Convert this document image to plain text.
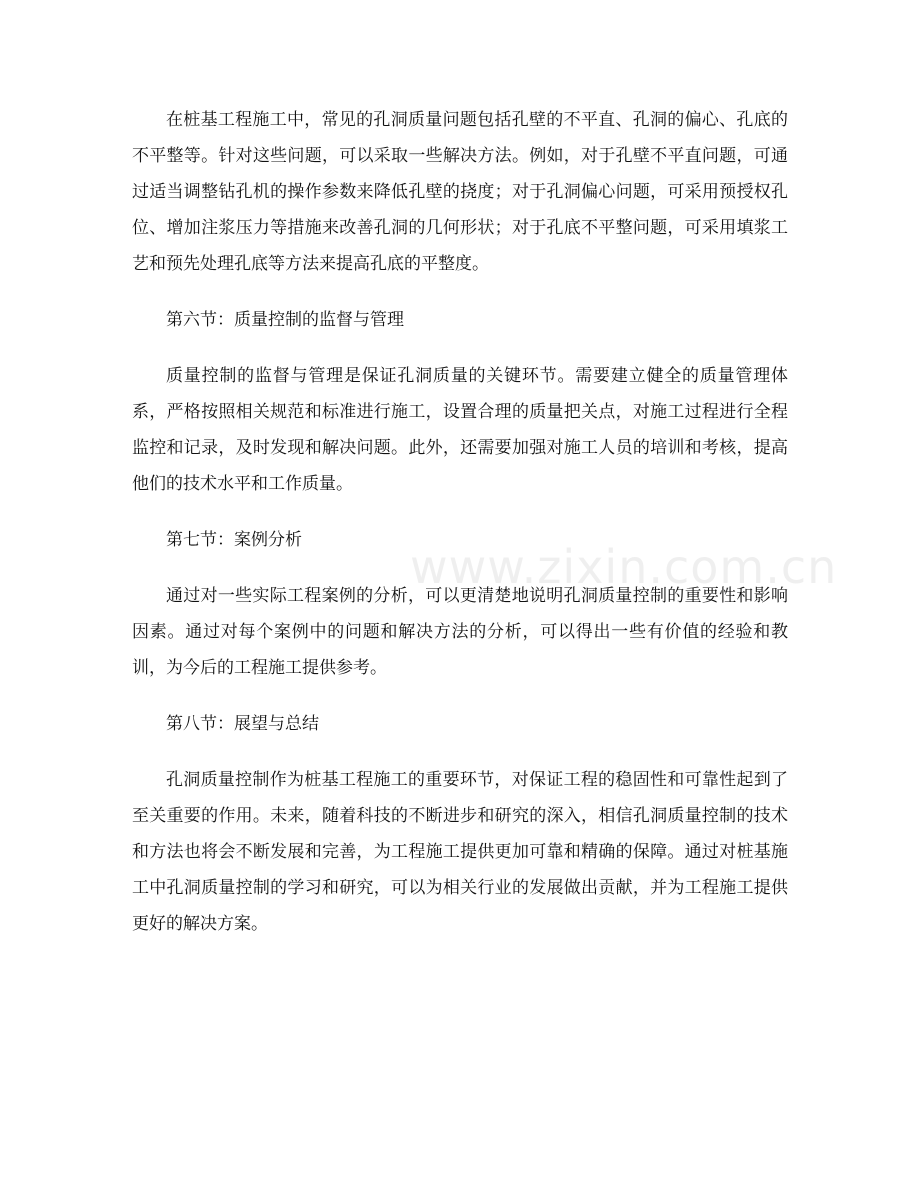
在桩基工程施工中，常见的孔洞质量问题包括孔壁的不平直、孔洞的偏心、孔底的不平整等。针对这些问题，可以采取一些解决方法。例如，对于孔壁不平直问题，可通过适当调整钻孔机的操作参数来降低孔壁的挠度；对于孔洞偏心问题，可采用预授权孔位、增加注浆压力等措施来改善孔洞的几何形状；对于孔底不平整问题，可采用填浆工艺和预先处理孔底等方法来提高孔底的平整度。

第六节：质量控制的监督与管理

质量控制的监督与管理是保证孔洞质量的关键环节。需要建立健全的质量管理体系，严格按照相关规范和标准进行施工，设置合理的质量把关点，对施工过程进行全程监控和记录，及时发现和解决问题。此外，还需要加强对施工人员的培训和考核，提高他们的技术水平和工作质量。

第七节：案例分析

通过对一些实际工程案例的分析，可以更清楚地说明孔洞质量控制的重要性和影响因素。通过对每个案例中的问题和解决方法的分析，可以得出一些有价值的经验和教训，为今后的工程施工提供参考。

第八节：展望与总结

孔洞质量控制作为桩基工程施工的重要环节，对保证工程的稳固性和可靠性起到了至关重要的作用。未来，随着科技的不断进步和研究的深入，相信孔洞质量控制的技术和方法也将会不断发展和完善，为工程施工提供更加可靠和精确的保障。通过对桩基施工中孔洞质量控制的学习和研究，可以为相关行业的发展做出贡献，并为工程施工提供更好的解决方案。

www.zixin.com.cn
